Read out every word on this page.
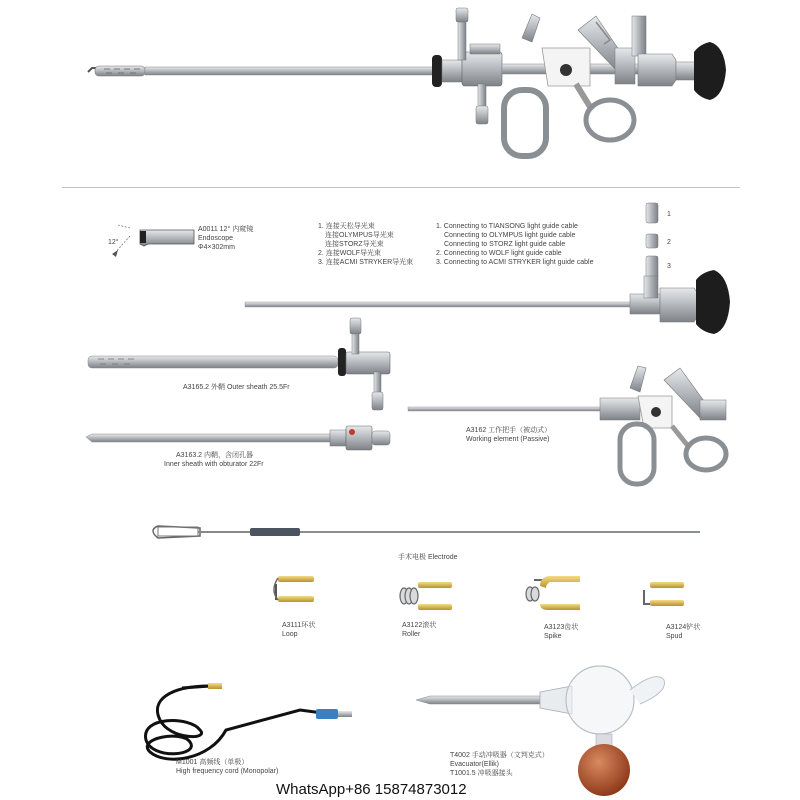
A0011 12° 内窥镜
Endoscope
Φ4×302mm
12°
1. 连接天松导光束
连接OLYMPUS导光束
连接STORZ导光束
2. 连接WOLF导光束
3. 连接ACMI STRYKER导光束
1. Connecting to TIANSONG light guide cable
Connecting to OLYMPUS light guide cable
Connecting to STORZ light guide cable
2. Connecting to WOLF light guide cable
3. Connecting to ACMI STRYKER light guide cable
1
2
3
A3165.2 外鞘 Outer sheath 25.5Fr
A3163.2 内鞘，含闭孔器
Inner sheath with obturator 22Fr
A3162 工作把手（被动式）
Working element (Passive)
手术电极 Electrode
A3111环状
Loop
A3122滚状
Roller
A3123齿状
Spike
A3124铲状
Spud
M1001 高频线（单极）
High frequency cord (Monopolar)
T4002 手动冲吸器（文判克式）
Evacuator(Ellik)
T1001.5 冲吸器接头
WhatsApp+86 15874873012
